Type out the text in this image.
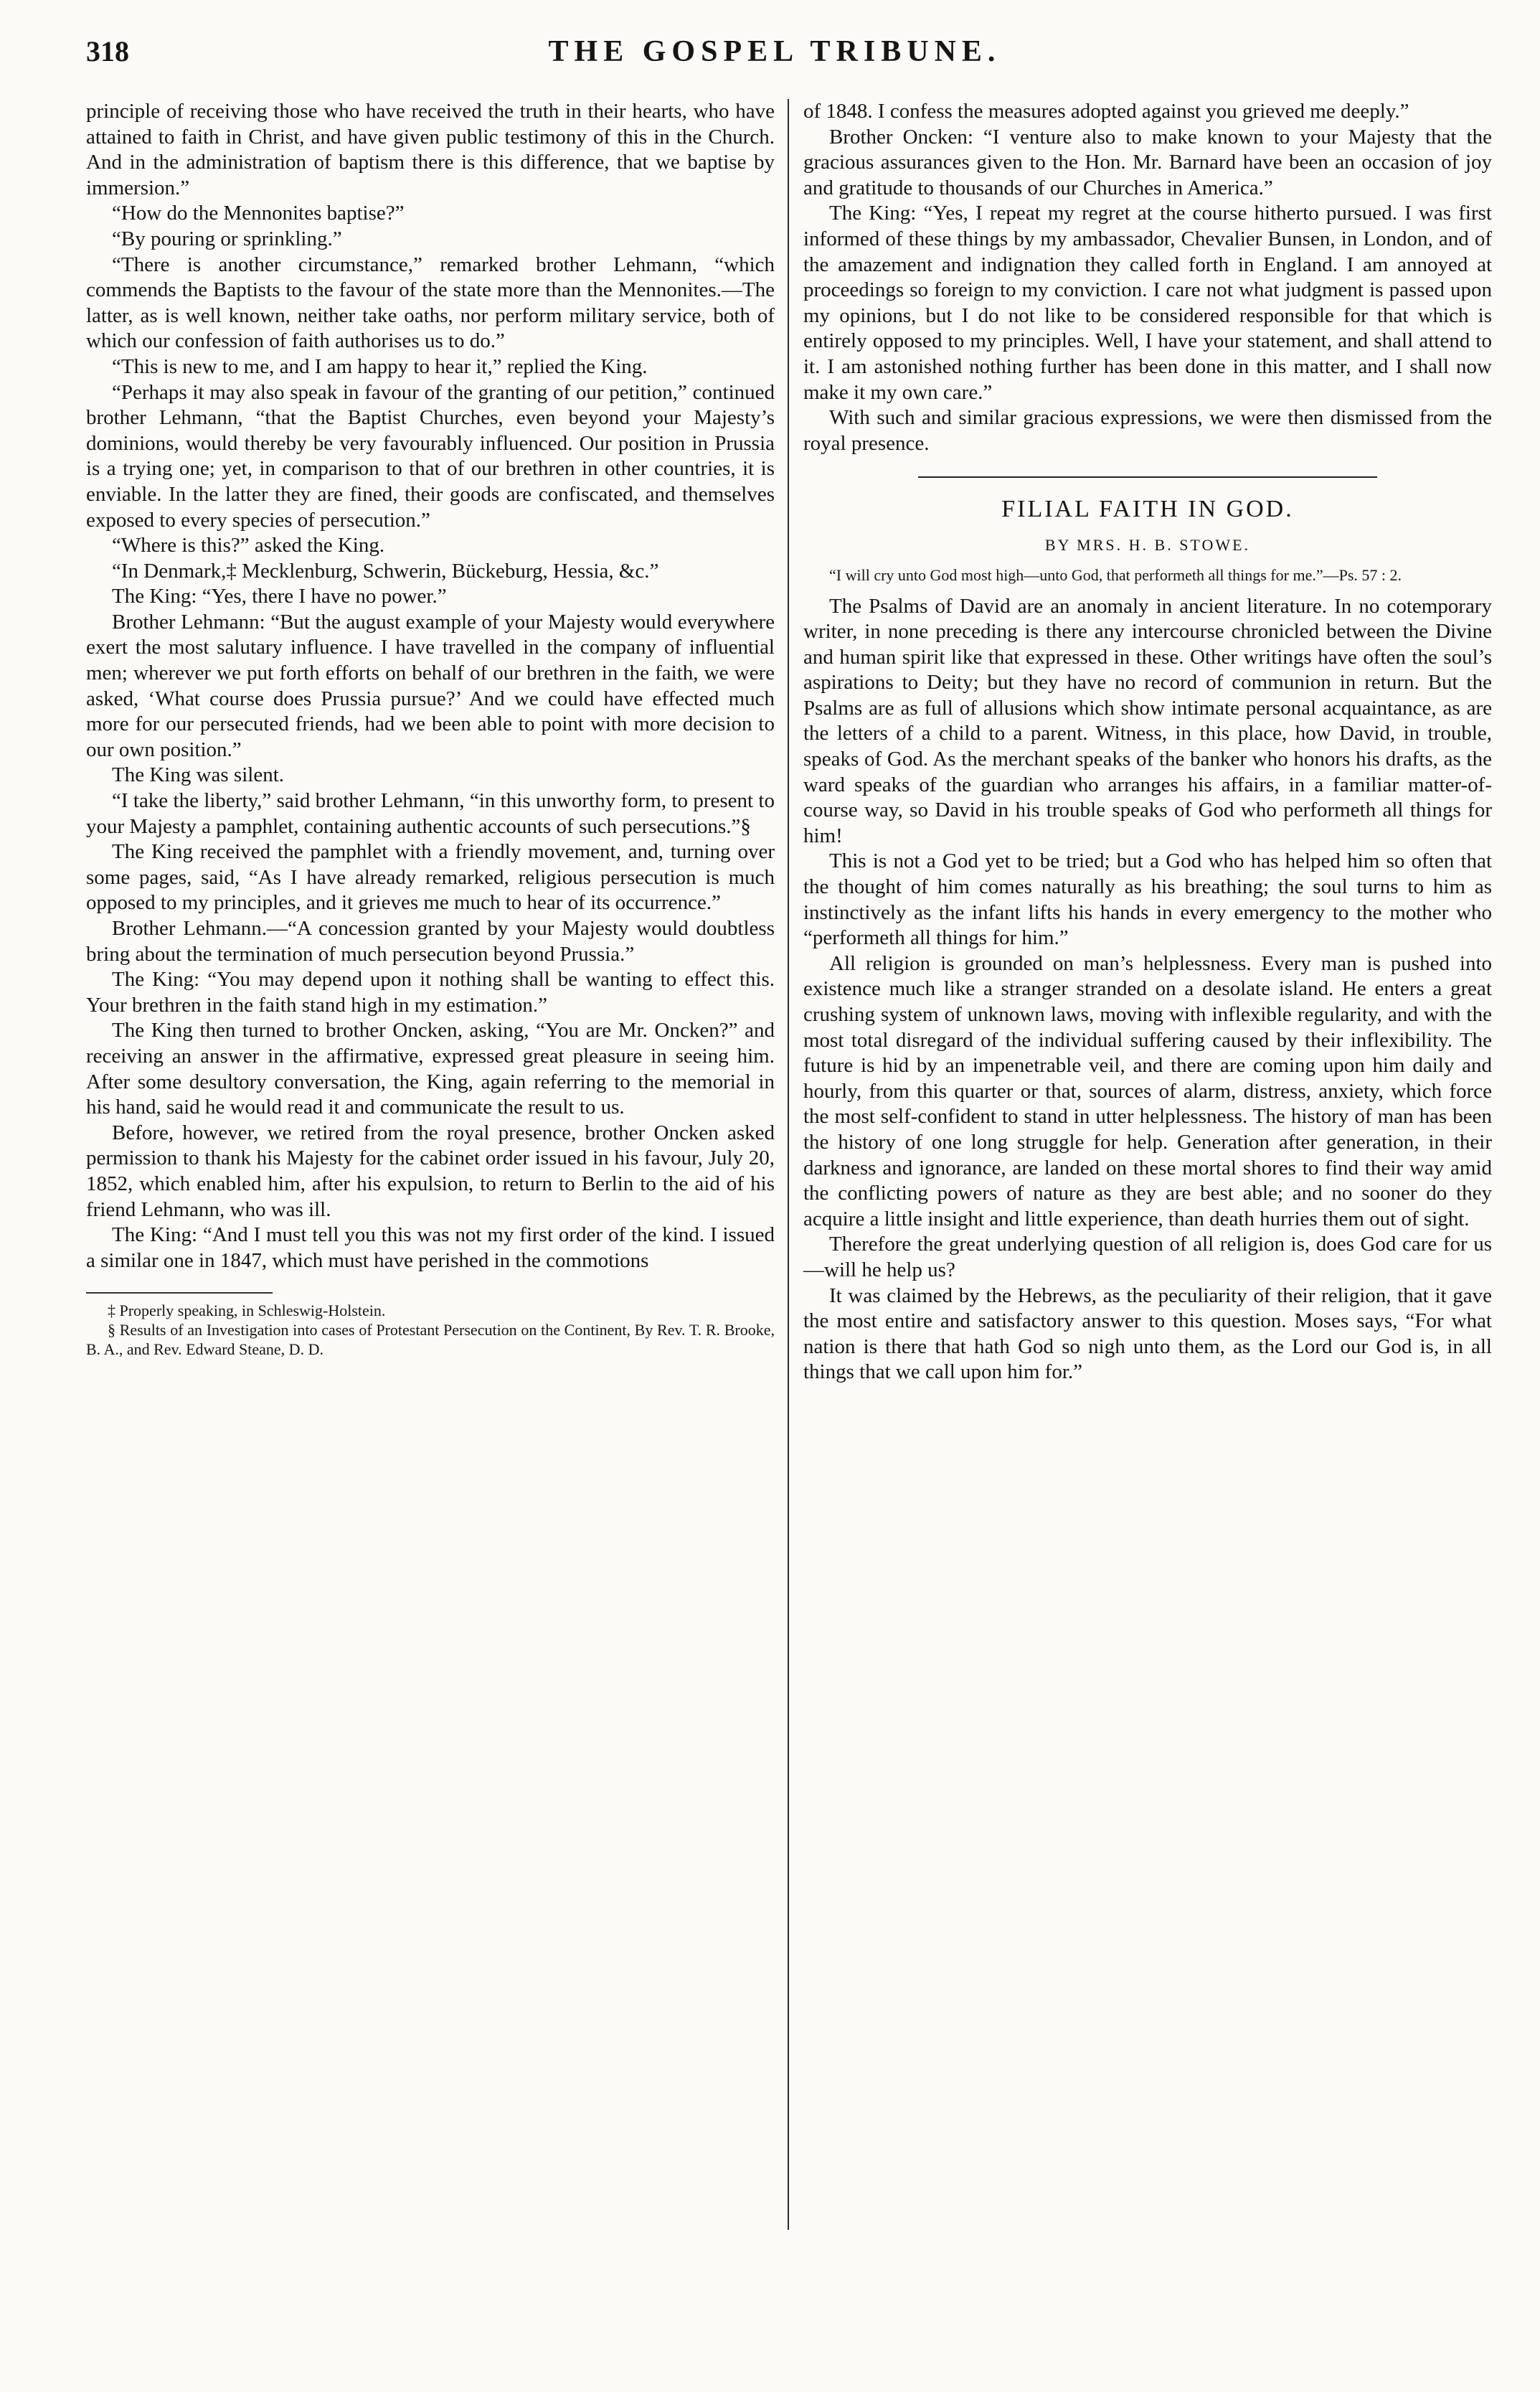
318	THE GOSPEL TRIBUNE.

principle of receiving those who have received the truth in their hearts, who have attained to faith in Christ, and have given public testimony of this in the Church. And in the administration of baptism there is this difference, that we baptise by immersion.”

“How do the Mennonites baptise?”

“By pouring or sprinkling.”

“There is another circumstance,” remarked brother Lehmann, “which commends the Baptists to the favour of the state more than the Mennonites.—The latter, as is well known, neither take oaths, nor perform military service, both of which our confession of faith authorises us to do.”

“This is new to me, and I am happy to hear it,” replied the King.

“Perhaps it may also speak in favour of the granting of our petition,” continued brother Lehmann, “that the Baptist Churches, even beyond your Majesty’s dominions, would thereby be very favourably influenced. Our position in Prussia is a trying one; yet, in comparison to that of our brethren in other countries, it is enviable. In the latter they are fined, their goods are confiscated, and themselves exposed to every species of persecution.”

“Where is this?” asked the King.

“In Denmark,‡ Mecklenburg, Schwerin, Bückeburg, Hessia, &c.”

The King: “Yes, there I have no power.”

Brother Lehmann: “But the august example of your Majesty would everywhere exert the most salutary influence. I have travelled in the company of influential men; wherever we put forth efforts on behalf of our brethren in the faith, we were asked, ‘What course does Prussia pursue?’ And we could have effected much more for our persecuted friends, had we been able to point with more decision to our own position.”

The King was silent.

“I take the liberty,” said brother Lehmann, “in this unworthy form, to present to your Majesty a pamphlet, containing authentic accounts of such persecutions.”§

The King received the pamphlet with a friendly movement, and, turning over some pages, said, “As I have already remarked, religious persecution is much opposed to my principles, and it grieves me much to hear of its occurrence.”

Brother Lehmann.—“A concession granted by your Majesty would doubtless bring about the termination of much persecution beyond Prussia.”

The King: “You may depend upon it nothing shall be wanting to effect this. Your brethren in the faith stand high in my estimation.”

The King then turned to brother Oncken, asking, “You are Mr. Oncken?” and receiving an answer in the affirmative, expressed great pleasure in seeing him. After some desultory conversation, the King, again referring to the memorial in his hand, said he would read it and communicate the result to us.

Before, however, we retired from the royal presence, brother Oncken asked permission to thank his Majesty for the cabinet order issued in his favour, July 20, 1852, which enabled him, after his expulsion, to return to Berlin to the aid of his friend Lehmann, who was ill.

The King: “And I must tell you this was not my first order of the kind. I issued a similar one in 1847, which must have perished in the commotions

‡ Properly speaking, in Schleswig-Holstein.

§ Results of an Investigation into cases of Protestant Persecution on the Continent, By Rev. T. R. Brooke, B. A., and Rev. Edward Steane, D. D.

of 1848. I confess the measures adopted against you grieved me deeply.”

Brother Oncken: “I venture also to make known to your Majesty that the gracious assurances given to the Hon. Mr. Barnard have been an occasion of joy and gratitude to thousands of our Churches in America.”

The King: “Yes, I repeat my regret at the course hitherto pursued. I was first informed of these things by my ambassador, Chevalier Bunsen, in London, and of the amazement and indignation they called forth in England. I am annoyed at proceedings so foreign to my conviction. I care not what judgment is passed upon my opinions, but I do not like to be considered responsible for that which is entirely opposed to my principles. Well, I have your statement, and shall attend to it. I am astonished nothing further has been done in this matter, and I shall now make it my own care.”

With such and similar gracious expressions, we were then dismissed from the royal presence.

FILIAL FAITH IN GOD.
BY MRS. H. B. STOWE.

“I will cry unto God most high—unto God, that performeth all things for me.”—Ps. 57 : 2.

The Psalms of David are an anomaly in ancient literature. In no cotemporary writer, in none preceding is there any intercourse chronicled between the Divine and human spirit like that expressed in these. Other writings have often the soul’s aspirations to Deity; but they have no record of communion in return. But the Psalms are as full of allusions which show intimate personal acquaintance, as are the letters of a child to a parent. Witness, in this place, how David, in trouble, speaks of God. As the merchant speaks of the banker who honors his drafts, as the ward speaks of the guardian who arranges his affairs, in a familiar matter-of-course way, so David in his trouble speaks of God who performeth all things for him!

This is not a God yet to be tried; but a God who has helped him so often that the thought of him comes naturally as his breathing; the soul turns to him as instinctively as the infant lifts his hands in every emergency to the mother who “performeth all things for him.”

All religion is grounded on man’s helplessness. Every man is pushed into existence much like a stranger stranded on a desolate island. He enters a great crushing system of unknown laws, moving with inflexible regularity, and with the most total disregard of the individual suffering caused by their inflexibility. The future is hid by an impenetrable veil, and there are coming upon him daily and hourly, from this quarter or that, sources of alarm, distress, anxiety, which force the most self-confident to stand in utter helplessness. The history of man has been the history of one long struggle for help. Generation after generation, in their darkness and ignorance, are landed on these mortal shores to find their way amid the conflicting powers of nature as they are best able; and no sooner do they acquire a little insight and little experience, than death hurries them out of sight.

Therefore the great underlying question of all religion is, does God care for us—will he help us?

It was claimed by the Hebrews, as the peculiarity of their religion, that it gave the most entire and satisfactory answer to this question. Moses says, “For what nation is there that hath God so nigh unto them, as the Lord our God is, in all things that we call upon him for.”
